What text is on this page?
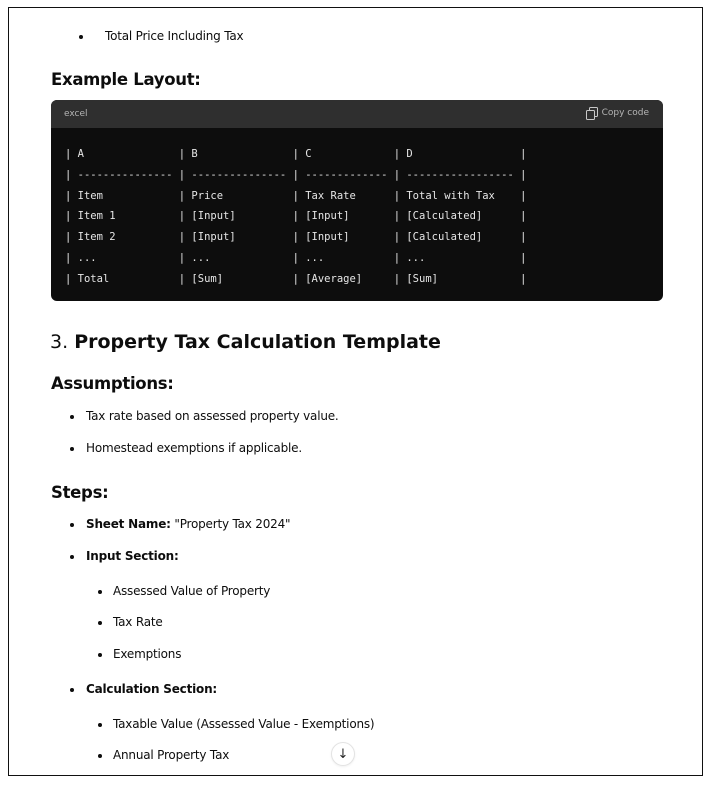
Total Price Including Tax
Example Layout:
excel	Copy code
| A               | B               | C             | D                 |
| --------------- | --------------- | ------------- | ----------------- |
| Item            | Price           | Tax Rate      | Total with Tax    |
| Item 1          | [Input]         | [Input]       | [Calculated]      |
| Item 2          | [Input]         | [Input]       | [Calculated]      |
| ...             | ...             | ...           | ...               |
| Total           | [Sum]           | [Average]     | [Sum]             |
3. Property Tax Calculation Template
Assumptions:
Tax rate based on assessed property value.
Homestead exemptions if applicable.
Steps:
Sheet Name: "Property Tax 2024"
Input Section:
Assessed Value of Property
Tax Rate
Exemptions
Calculation Section:
Taxable Value (Assessed Value - Exemptions)
Annual Property Tax	↓
